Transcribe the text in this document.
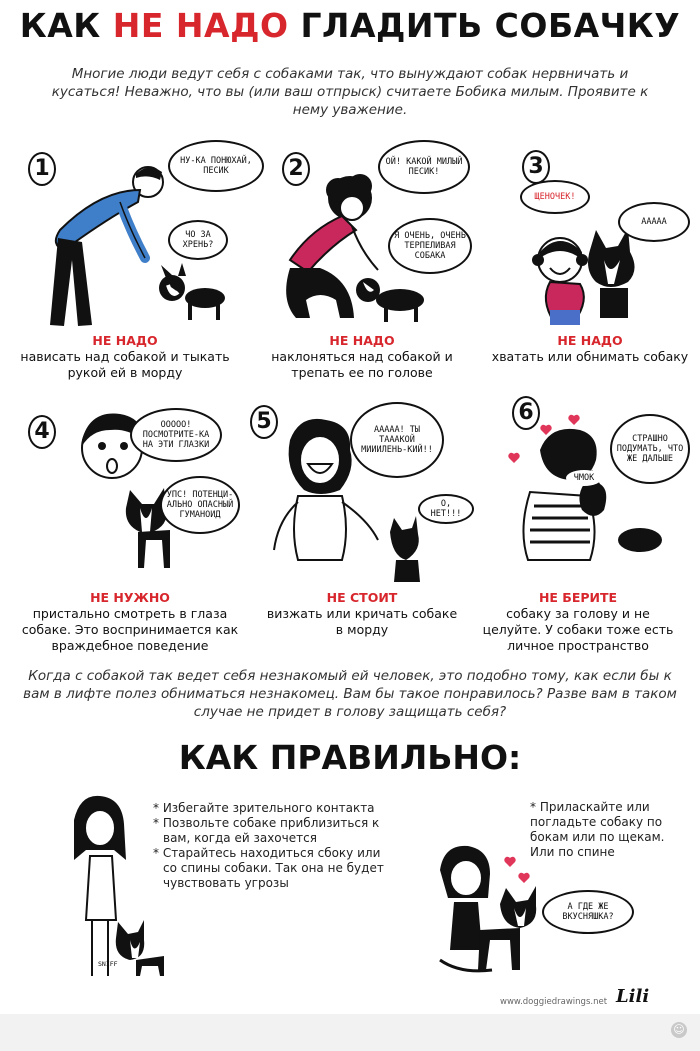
КАК НЕ НАДО ГЛАДИТЬ СОБАЧКУ
Многие люди ведут себя с собаками так, что вынуждают собак нервничать и кусаться! Неважно, что вы (или ваш отпрыск) считаете Бобика милым. Проявите к нему уважение.
1	НУ-КА ПОНЮХАЙ, ПЕСИК
ЧО ЗА ХРЕНЬ?
НЕ НАДО
нависать над собакой и тыкать рукой ей в морду
2	ОЙ! КАКОЙ МИЛЫЙ ПЕСИК!
Я ОЧЕНЬ, ОЧЕНЬ ТЕРПЕЛИВАЯ СОБАКА
НЕ НАДО
наклоняться над собакой и трепать ее по голове
3
ЩЕНОЧЕК!
ААААА
НЕ НАДО
хватать или обнимать собаку
4	ООООО! ПОСМОТРИТЕ-КА НА ЭТИ ГЛАЗКИ
УПС! ПОТЕНЦИ-АЛЬНО ОПАСНЫЙ ГУМАНОИД
НЕ НУЖНО
пристально смотреть в глаза собаке. Это воспринимается как враждебное поведение
5	ААААА! ТЫ ТАААКОЙ МИИИЛЕНЬ-КИЙ!!
О, НЕТ!!!
НЕ СТОИТ
визжать или кричать собаке в морду
6
СТРАШНО ПОДУМАТЬ, ЧТО ЖЕ ДАЛЬШЕ
ЧМОК
НЕ БЕРИТЕ
собаку за голову и не целуйте. У собаки тоже есть личное пространство
Когда с собакой так ведет себя незнакомый ей человек, это подобно тому, как если бы к вам в лифте полез обниматься незнакомец. Вам бы такое понравилось? Разве вам в таком случае не придет в голову защищать себя?
КАК ПРАВИЛЬНО:
SNIFF
* Избегайте зрительного контакта
* Позвольте собаке приблизиться к вам, когда ей захочется
* Старайтесь находиться сбоку или со спины собаки. Так она не будет чувствовать угрозы
* Приласкайте или погладьте собаку по бокам или по щекам. Или по спине
А ГДЕ ЖЕ ВКУСНЯШКА?
www.doggiedrawings.net Lili
☺
